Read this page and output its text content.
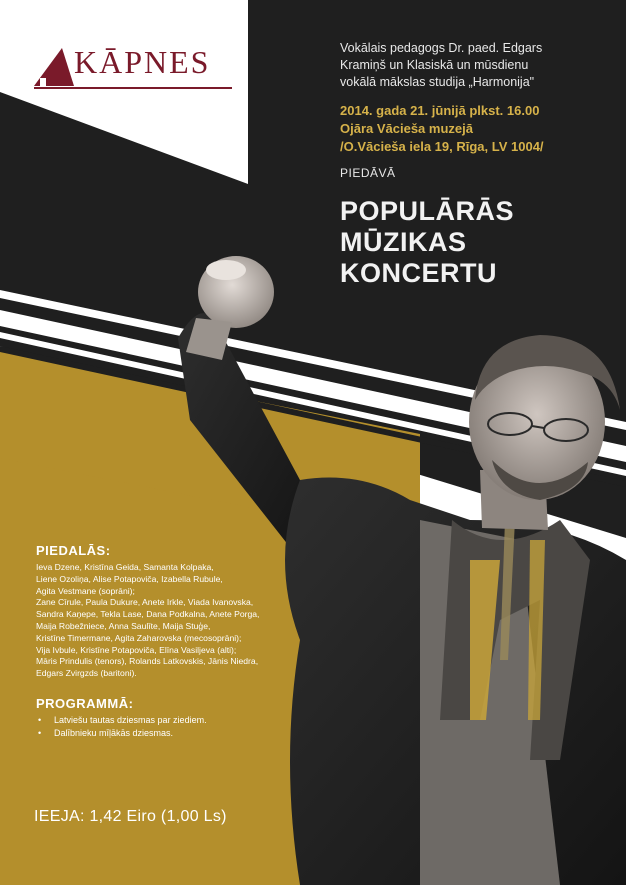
KĀPNES	Vokālais pedagogs Dr. paed. Edgars
Kramiņš un Klasiskā un mūsdienu
vokālā mākslas studija „Harmonija"
2014. gada 21. jūnijā plkst. 16.00
Ojāra Vācieša muzejā
/O.Vācieša iela 19, Rīga, LV 1004/
PIEDĀVĀ
POPULĀRĀS
MŪZIKAS
KONCERTU
PIEDALĀS:
Ieva Dzene, Kristīna Geida, Samanta Kolpaka,
Liene Ozoliņa, Alise Potapoviča, Izabella Rubule,
Agita Vestmane (soprāni);
Zane Cīrule, Paula Dukure, Anete Irkle, Viada Ivanovska,
Sandra Kaņepe, Tekla Lase, Dana Podkalna, Anete Porga,
Maija Robežniece, Anna Saulīte, Maija Stuģe,
Kristīne Timermane, Agita Zaharovska (mecosoprāni);
Vija Ivbule, Kristīne Potapoviča, Elīna Vasiljeva (alti);
Māris Prindulis (tenors), Rolands Latkovskis, Jānis Niedra,
Edgars Zvirgzds (baritoni).
PROGRAMMĀ:
• Latviešu tautas dziesmas par ziediem.
• Dalībnieku mīļākās dziesmas.
IEEJA: 1,42 Eiro (1,00 Ls)
